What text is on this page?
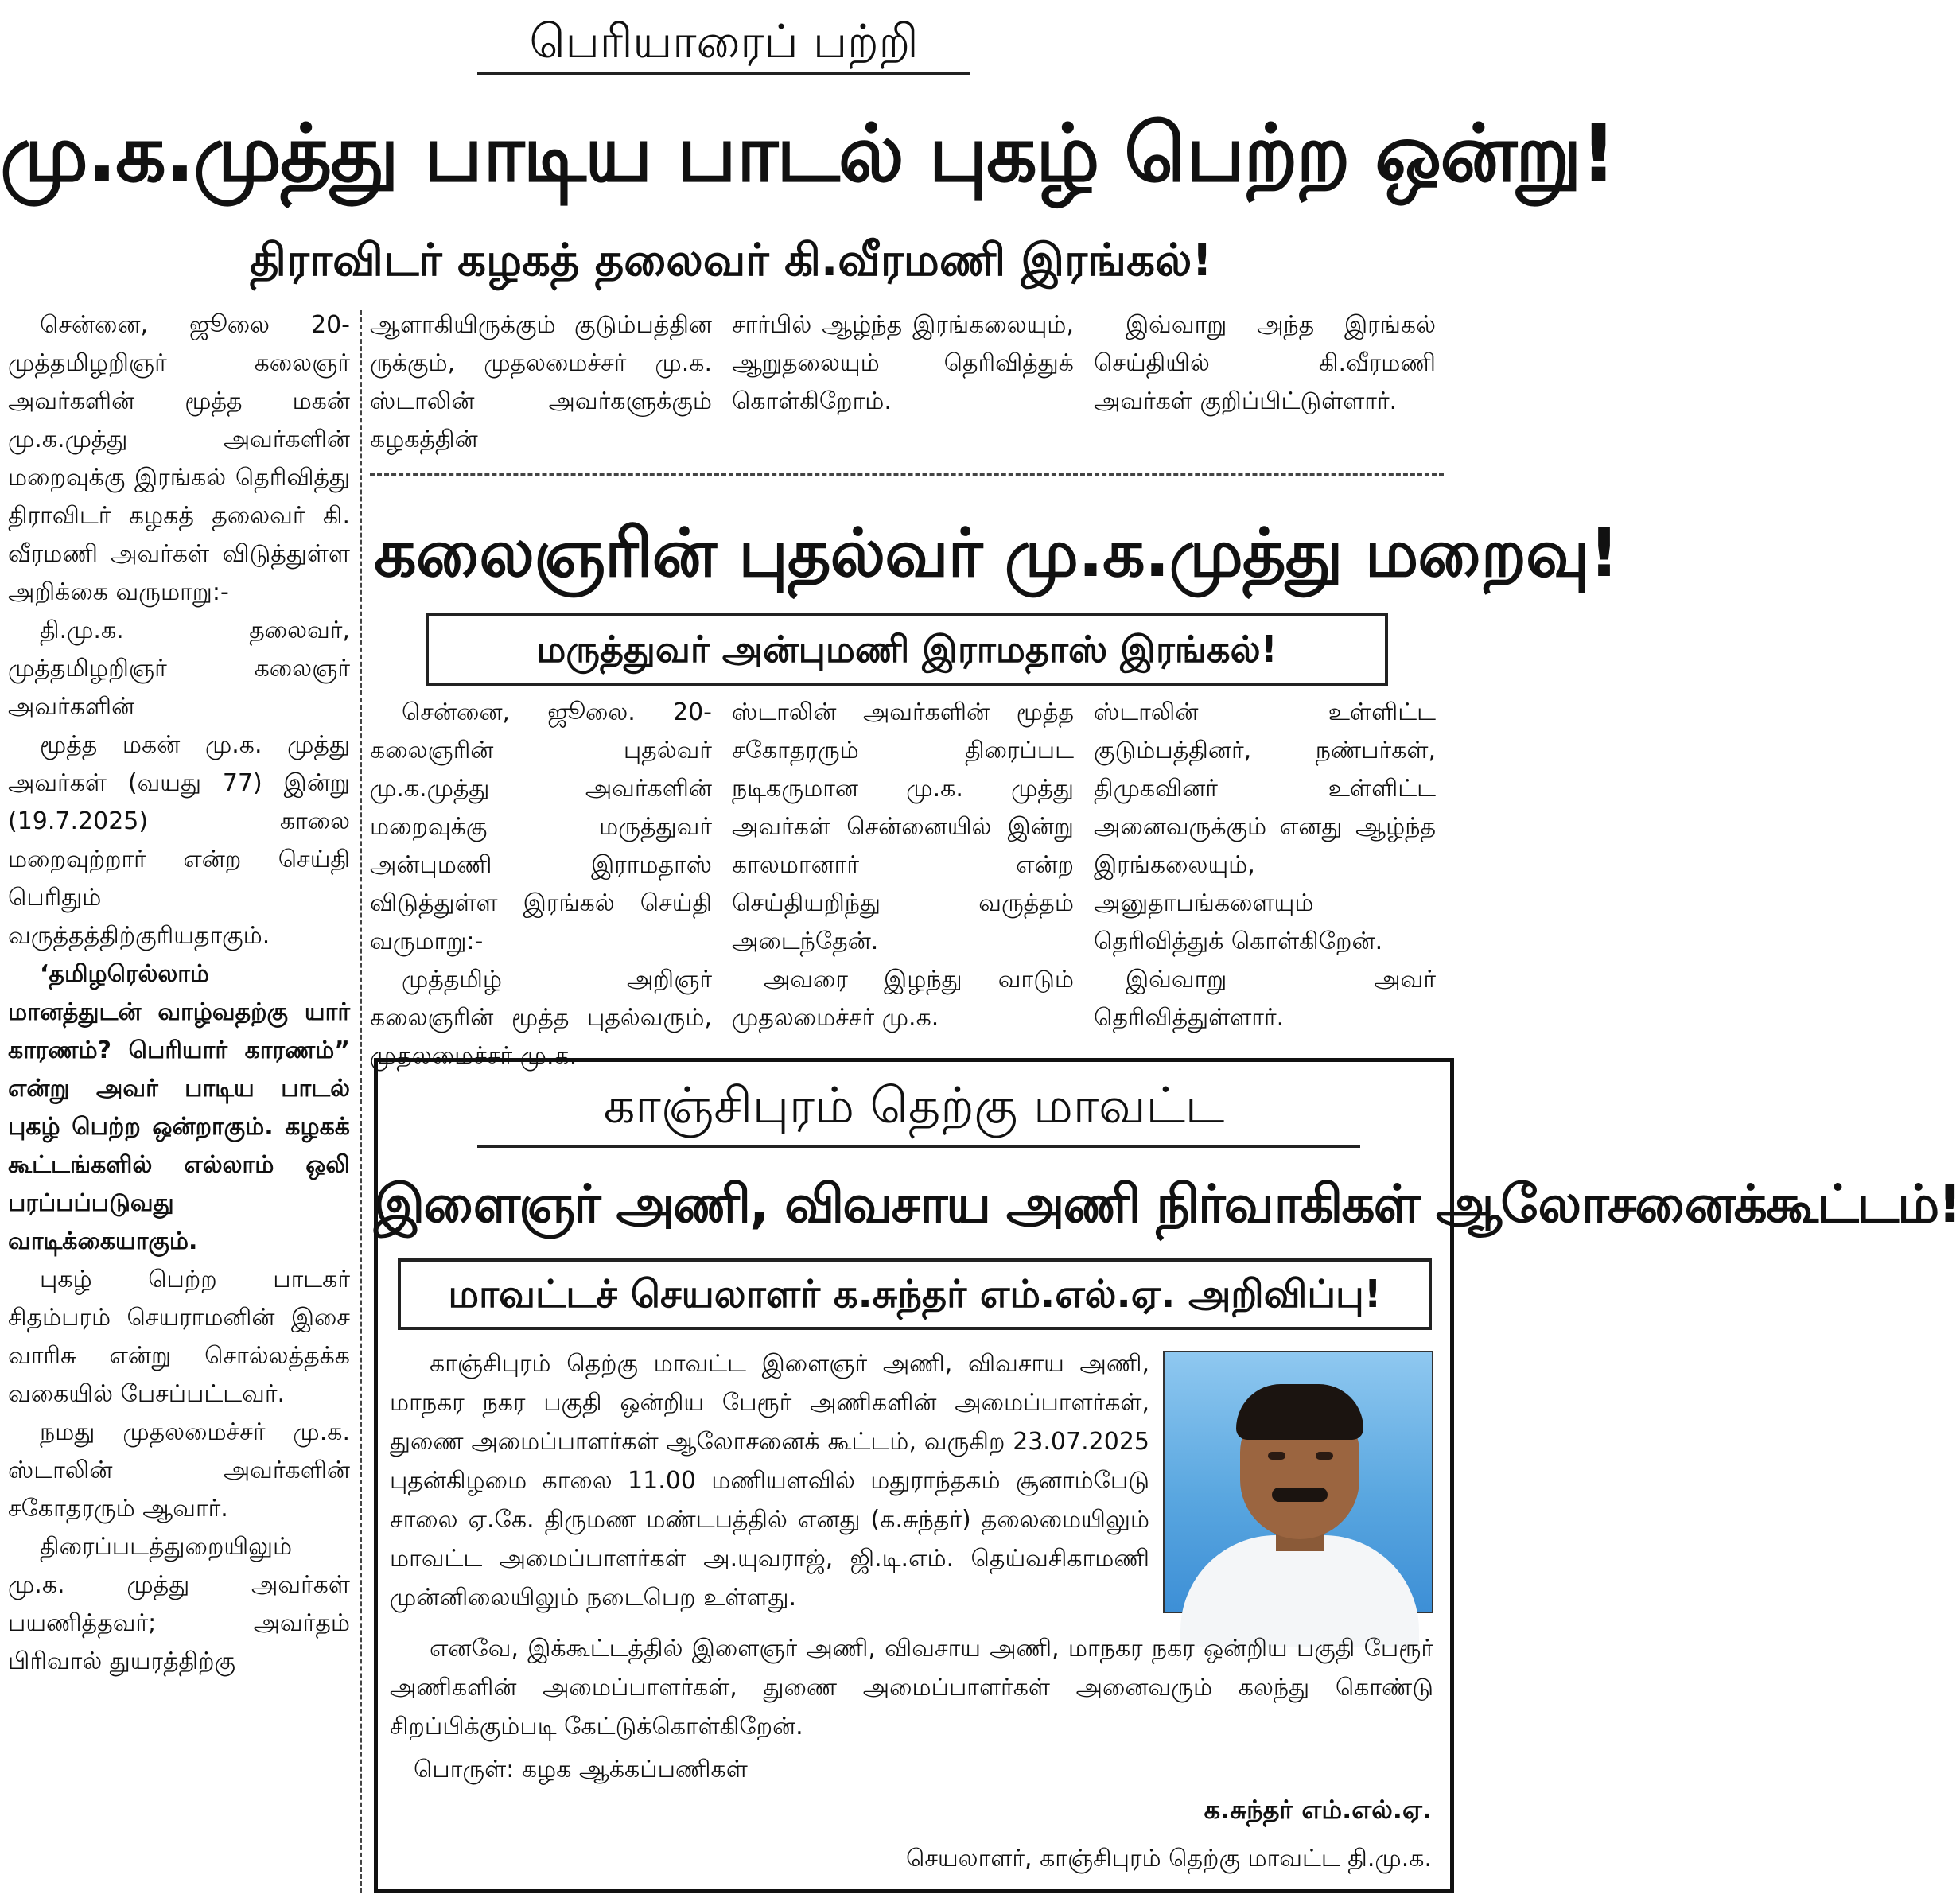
பெரியாரைப் பற்றி
மு.க.முத்து பாடிய பாடல் புகழ் பெற்ற ஒன்று!
திராவிடர் கழகத் தலைவர் கி.வீரமணி இரங்கல்!

சென்னை, ஜூலை 20- முத்தமிழறிஞர் கலைஞர் அவர்களின் மூத்த மகன் மு.க.முத்து அவர்களின் மறைவுக்கு இரங்கல் தெரிவித்து திராவிடர் கழகத் தலைவர் கி. வீரமணி அவர்கள் விடுத்துள்ள அறிக்கை வருமாறு:-

தி.மு.க. தலைவர், முத்தமிழறிஞர் கலைஞர் அவர்களின்

மூத்த மகன் மு.க. முத்து அவர்கள் (வயது 77) இன்று (19.7.2025) காலை மறைவுற்றார் என்ற செய்தி பெரிதும் வருத்தத்திற்குரியதாகும்.

‘தமிழரெல்லாம் மானத்துடன் வாழ்வதற்கு யார் காரணம்? பெரியார் காரணம்” என்று அவர் பாடிய பாடல் புகழ் பெற்ற ஒன்றாகும். கழகக் கூட்டங்களில் எல்லாம் ஒலி பரப்பப்படுவது வாடிக்கையாகும்.

புகழ் பெற்ற பாடகர் சிதம்பரம் செயராமனின் இசை வாரிசு என்று சொல்லத்தக்க வகையில் பேசப்பட்டவர்.

நமது முதலமைச்சர் மு.க. ஸ்டாலின் அவர்களின் சகோதரரும் ஆவார்.

திரைப்படத்துறையிலும் மு.க. முத்து அவர்கள் பயணித்தவர்; அவர்தம் பிரிவால் துயரத்திற்கு

ஆளாகியிருக்கும் குடும்பத்தின ருக்கும், முதலமைச்சர் மு.க. ஸ்டாலின் அவர்களுக்கும் கழகத்தின்

சார்பில் ஆழ்ந்த இரங்கலையும், ஆறுதலையும் தெரிவித்துக் கொள்கிறோம்.

இவ்வாறு அந்த இரங்கல் செய்தியில் கி.வீரமணி அவர்கள் குறிப்பிட்டுள்ளார்.

கலைஞரின் புதல்வர் மு.க.முத்து மறைவு!
மருத்துவர் அன்புமணி இராமதாஸ் இரங்கல்!

சென்னை, ஜூலை. 20- கலைஞரின் புதல்வர் மு.க.முத்து அவர்களின் மறைவுக்கு மருத்துவர் அன்புமணி இராமதாஸ் விடுத்துள்ள இரங்கல் செய்தி வருமாறு:-

முத்தமிழ் அறிஞர் கலைஞரின் மூத்த புதல்வரும், முதலமைச்சர் மு.க.

ஸ்டாலின் அவர்களின் மூத்த சகோதரரும் திரைப்பட நடிகருமான மு.க. முத்து அவர்கள் சென்னையில் இன்று காலமானார் என்ற செய்தியறிந்து வருத்தம் அடைந்தேன்.

அவரை இழந்து வாடும் முதலமைச்சர் மு.க.

ஸ்டாலின் உள்ளிட்ட குடும்பத்தினர், நண்பர்கள், திமுகவினர் உள்ளிட்ட அனைவருக்கும் எனது ஆழ்ந்த இரங்கலையும், அனுதாபங்களையும் தெரிவித்துக் கொள்கிறேன்.

இவ்வாறு அவர் தெரிவித்துள்ளார்.

காஞ்சிபுரம் தெற்கு மாவட்ட
இளைஞர் அணி, விவசாய அணி நிர்வாகிகள் ஆலோசனைக்கூட்டம்!
மாவட்டச் செயலாளர் க.சுந்தர் எம்.எல்.ஏ. அறிவிப்பு!

காஞ்சிபுரம் தெற்கு மாவட்ட இளைஞர் அணி, விவசாய அணி, மாநகர நகர பகுதி ஒன்றிய பேரூர் அணிகளின் அமைப்பாளர்கள், துணை அமைப்பாளர்கள் ஆலோசனைக் கூட்டம், வருகிற 23.07.2025 புதன்கிழமை காலை 11.00 மணியளவில் மதுராந்தகம் சூனாம்பேடு சாலை ஏ.கே. திருமண மண்டபத்தில் எனது (க.சுந்தர்) தலைமையிலும் மாவட்ட அமைப்பாளர்கள் அ.யுவராஜ், ஜி.டி.எம். தெய்வசிகாமணி முன்னிலையிலும் நடைபெற உள்ளது.

எனவே, இக்கூட்டத்தில் இளைஞர் அணி, விவசாய அணி, மாநகர நகர ஒன்றிய பகுதி பேரூர் அணிகளின் அமைப்பாளர்கள், துணை அமைப்பாளர்கள் அனைவரும் கலந்து கொண்டு சிறப்பிக்கும்படி கேட்டுக்கொள்கிறேன்.

பொருள்: கழக ஆக்கப்பணிகள்
க.சுந்தர் எம்.எல்.ஏ.
செயலாளர், காஞ்சிபுரம் தெற்கு மாவட்ட தி.மு.க.
